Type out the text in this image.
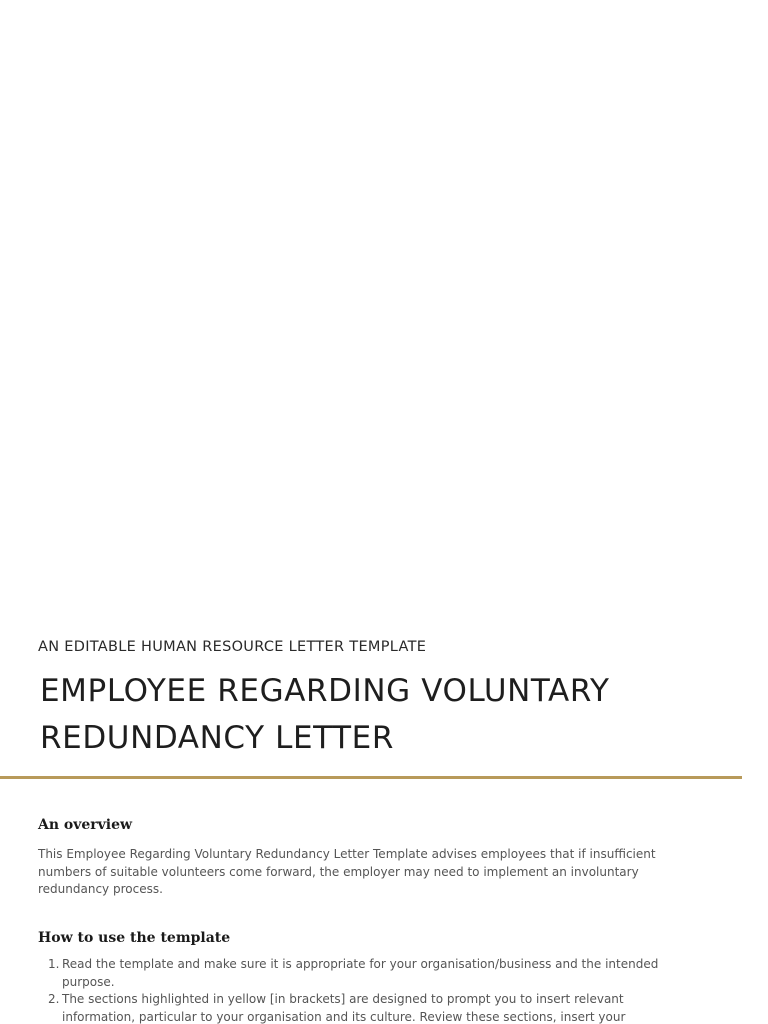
AN EDITABLE HUMAN RESOURCE LETTER TEMPLATE
EMPLOYEE REGARDING VOLUNTARY
REDUNDANCY LETTER
An overview

This Employee Regarding Voluntary Redundancy Letter Template advises employees that if insufficient numbers of suitable volunteers come forward, the employer may need to implement an involuntary redundancy process.

How to use the template
1. Read the template and make sure it is appropriate for your organisation/business and the intended purpose.
2. The sections highlighted in yellow [in brackets] are designed to prompt you to insert relevant information, particular to your organisation and its culture. Review these sections, insert your
